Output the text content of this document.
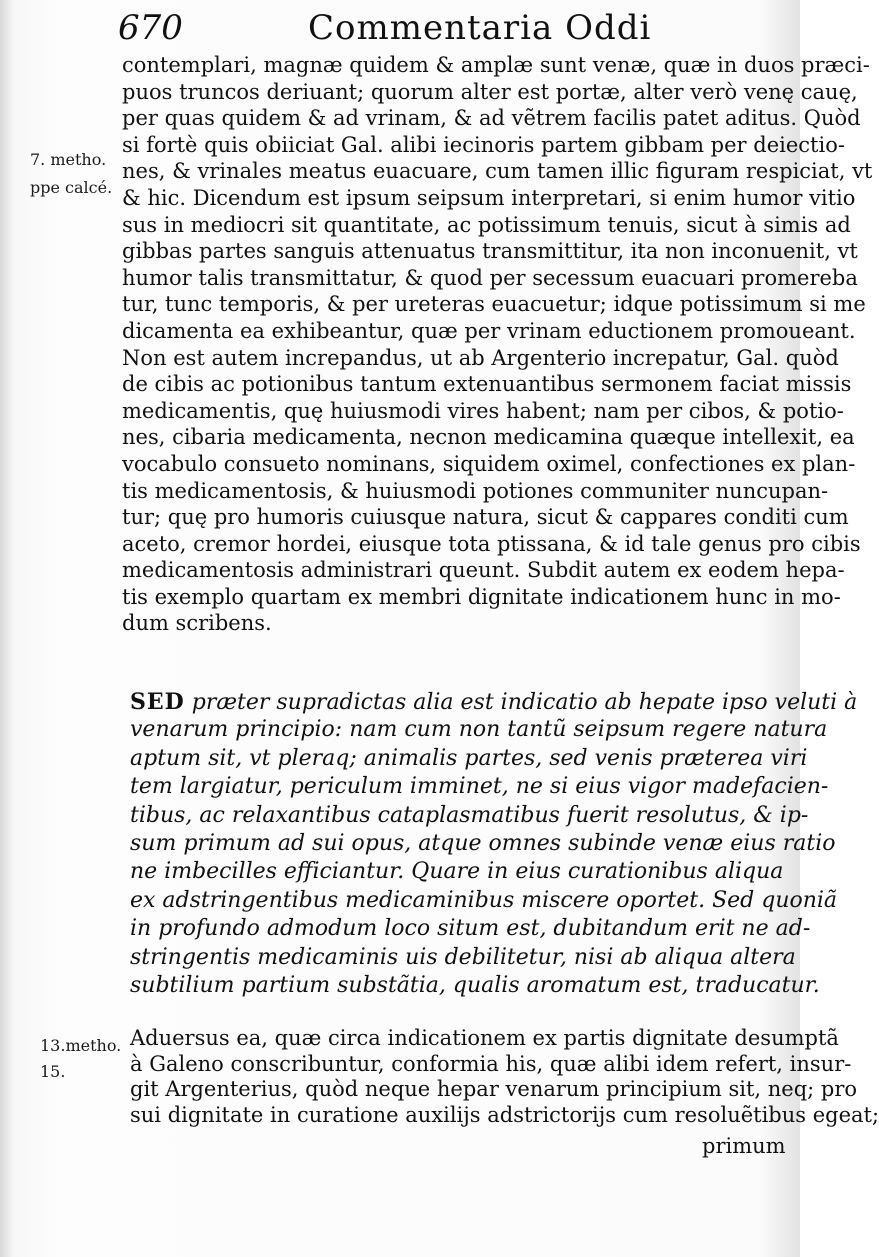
670	Commentaria Oddi
7. metho.
ppe calcé.
13.metho.
15.
contemplari, magnæ quidem & amplæ sunt venæ, quæ in duos præci-
puos truncos deriuant; quorum alter est portæ, alter verò venę cauę,
per quas quidem & ad vrinam, & ad vẽtrem facilis patet aditus. Quòd
si fortè quis obiiciat Gal. alibi iecinoris partem gibbam per deiectio-
nes, & vrinales meatus euacuare, cum tamen illic figuram respiciat, vt
& hic. Dicendum est ipsum seipsum interpretari, si enim humor vitio
sus in mediocri sit quantitate, ac potissimum tenuis, sicut à simis ad
gibbas partes sanguis attenuatus transmittitur, ita non inconuenit, vt
humor talis transmittatur, & quod per secessum euacuari promereba
tur, tunc temporis, & per ureteras euacuetur; idque potissimum si me
dicamenta ea exhibeantur, quæ per vrinam eductionem promoueant.
Non est autem increpandus, ut ab Argenterio increpatur, Gal. quòd
de cibis ac potionibus tantum extenuantibus sermonem faciat missis
medicamentis, quę huiusmodi vires habent; nam per cibos, & potio-
nes, cibaria medicamenta, necnon medicamina quæque intellexit, ea
vocabulo consueto nominans, siquidem oximel, confectiones ex plan-
tis medicamentosis, & huiusmodi potiones communiter nuncupan-
tur; quę pro humoris cuiusque natura, sicut & cappares conditi cum
aceto, cremor hordei, eiusque tota ptissana, & id tale genus pro cibis
medicamentosis administrari queunt. Subdit autem ex eodem hepa-
tis exemplo quartam ex membri dignitate indicationem hunc in mo-
dum scribens.
SED præter supradictas alia est indicatio ab hepate ipso veluti à
venarum principio: nam cum non tantũ seipsum regere natura
aptum sit, vt pleraq; animalis partes, sed venis præterea viri
tem largiatur, periculum imminet, ne si eius vigor madefacien-
tibus, ac relaxantibus cataplasmatibus fuerit resolutus, & ip-
sum primum ad sui opus, atque omnes subinde venæ eius ratio
ne imbecilles efficiantur. Quare in eius curationibus aliqua
ex adstringentibus medicaminibus miscere oportet. Sed quoniã
in profundo admodum loco situm est, dubitandum erit ne ad-
stringentis medicaminis uis debilitetur, nisi ab aliqua altera
subtilium partium substãtia, qualis aromatum est, traducatur.
Aduersus ea, quæ circa indicationem ex partis dignitate desumptã
à Galeno conscribuntur, conformia his, quæ alibi idem refert, insur-
git Argenterius, quòd neque hepar venarum principium sit, neq; pro
sui dignitate in curatione auxilijs adstrictorijs cum resoluẽtibus egeat;
primum
